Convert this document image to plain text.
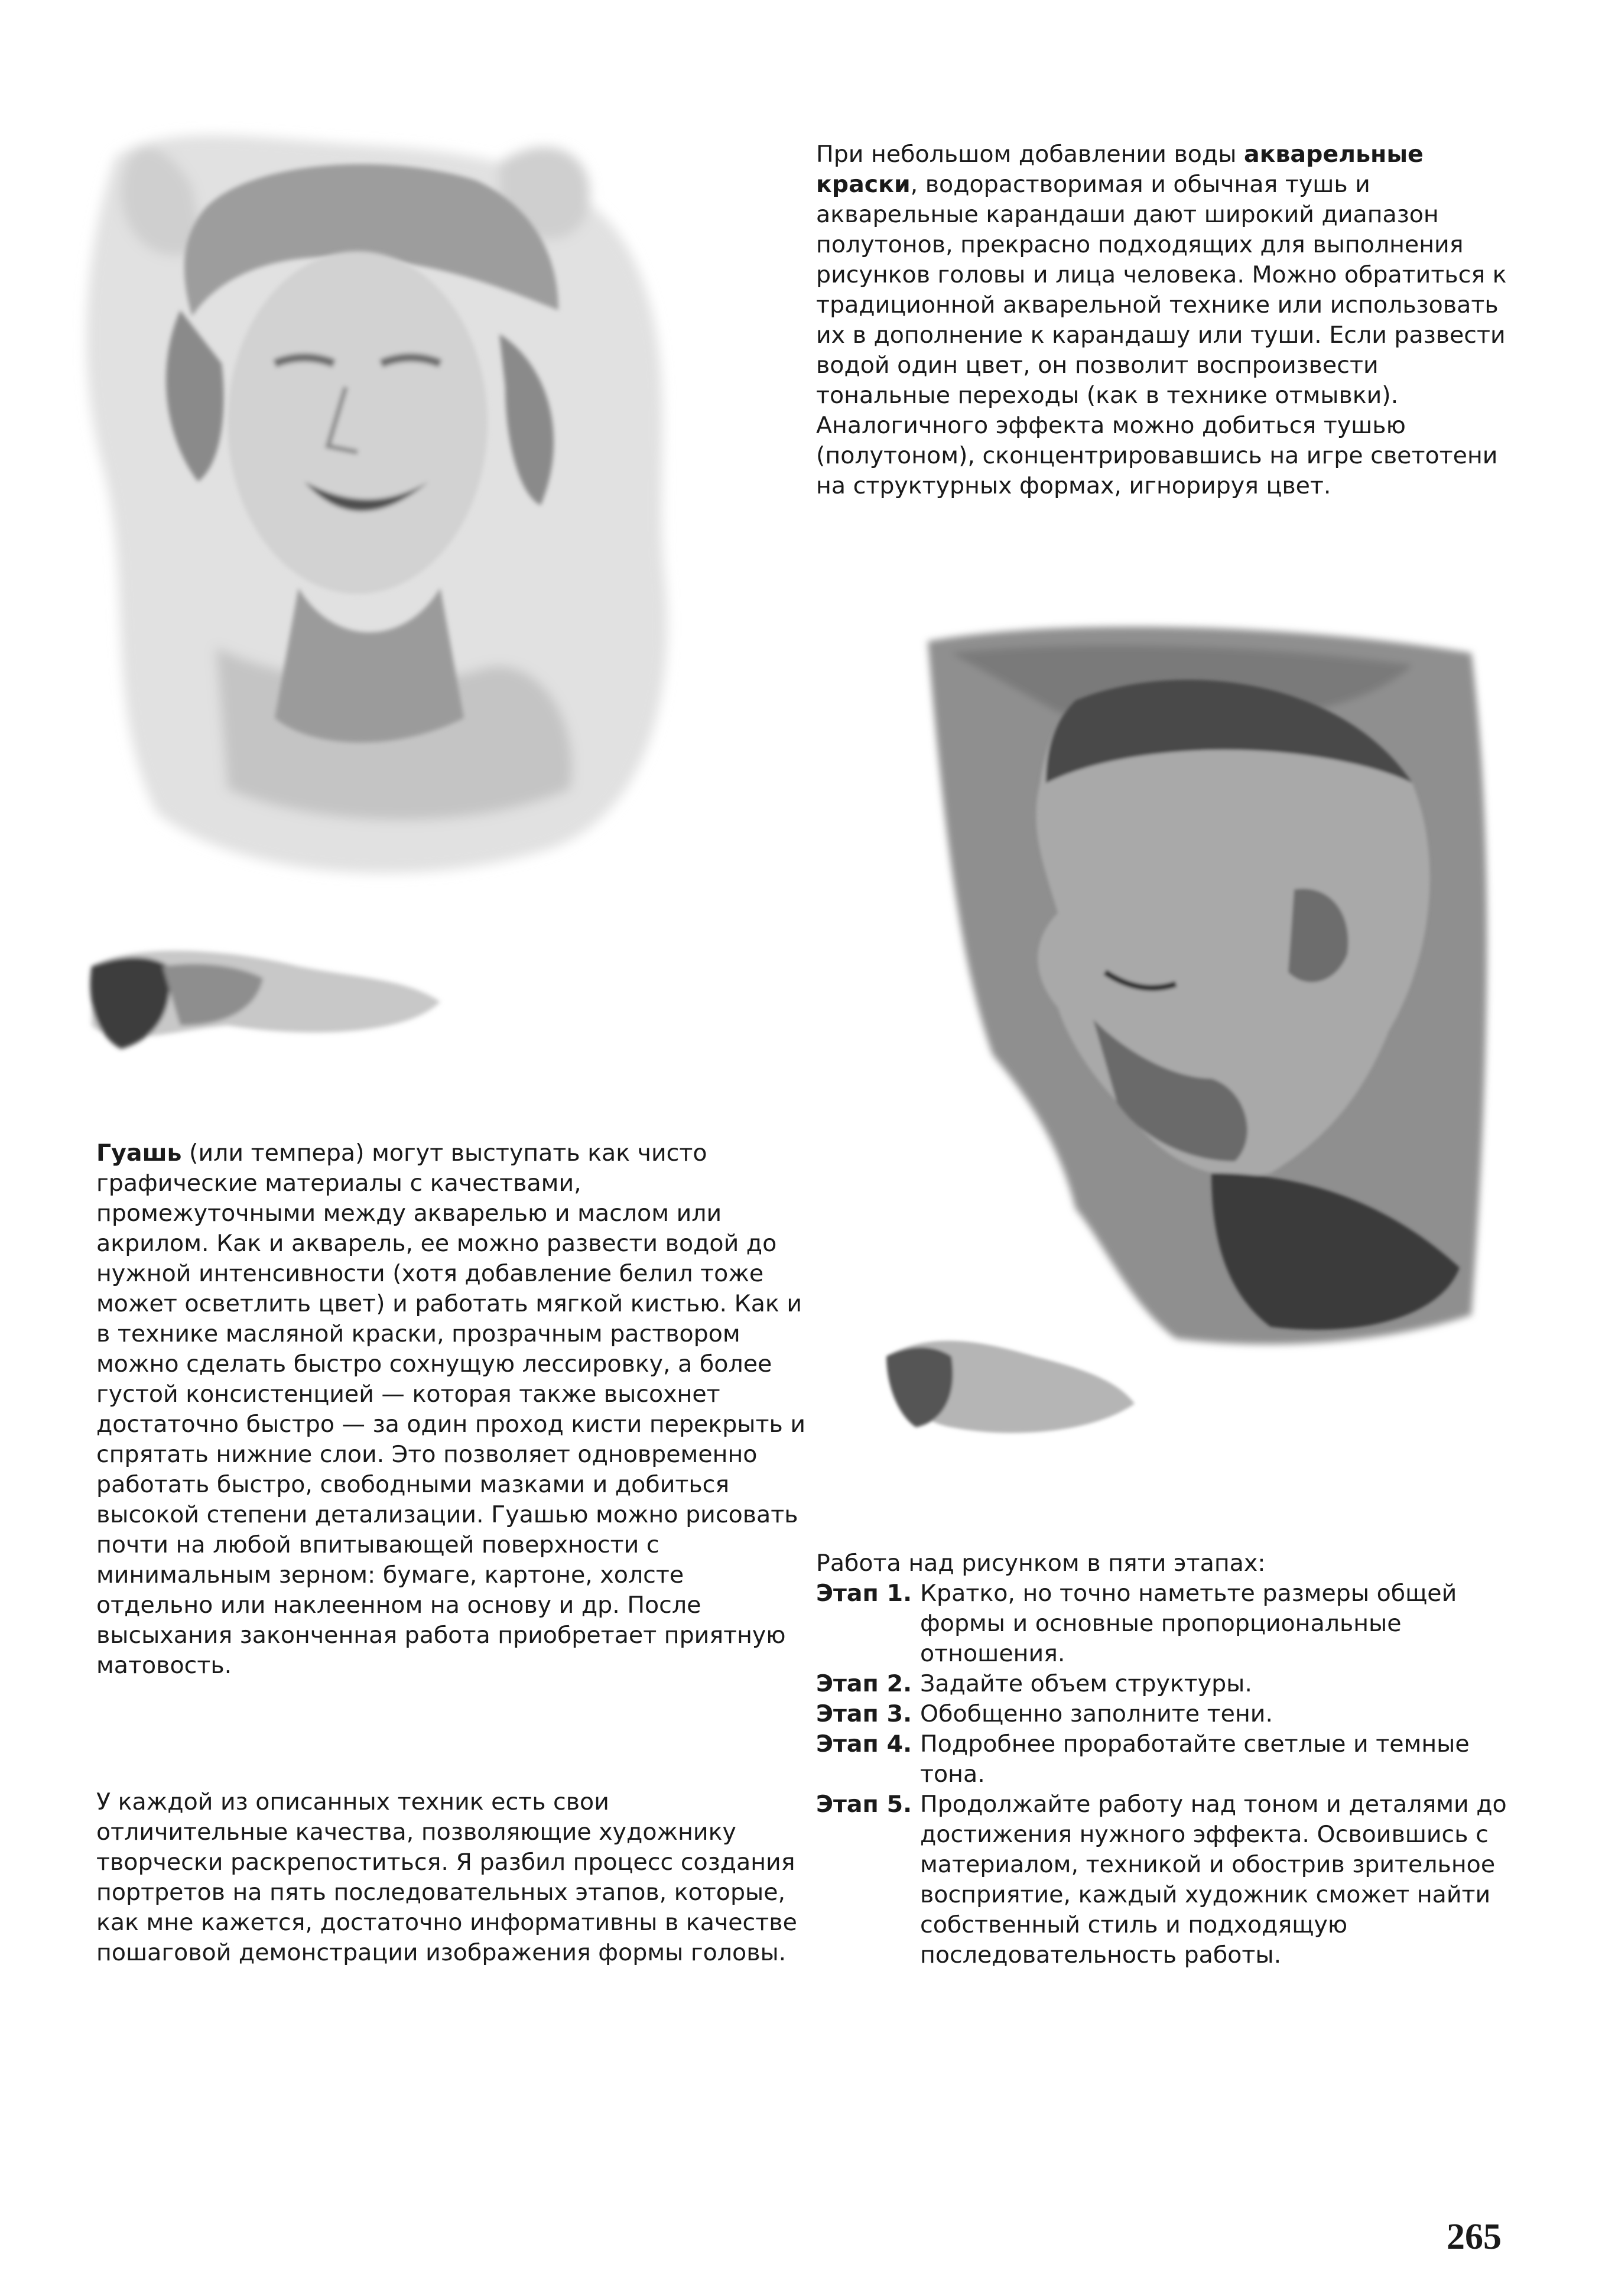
При небольшом добавлении воды акварельные краски, водорастворимая и обычная тушь и акварельные карандаши дают широкий диапазон полутонов, прекрасно подходящих для выполнения рисунков головы и лица человека. Можно обратиться к традиционной акварельной технике или использовать их в дополнение к карандашу или туши. Если развести водой один цвет, он позволит воспроизвести тональные переходы (как в технике отмывки). Аналогичного эффекта можно добиться тушью (полутоном), сконцентрировавшись на игре светотени на структурных формах, игнорируя цвет.

Гуашь (или темпера) могут выступать как чисто графические материалы с качествами, промежуточными между акварелью и маслом или акрилом. Как и акварель, ее можно развести водой до нужной интенсивности (хотя добавление белил тоже может осветлить цвет) и работать мягкой кистью. Как и в технике масляной краски, прозрачным раствором можно сделать быстро сохнущую лессировку, а более густой консистенцией — которая также высохнет достаточно быстро — за один проход кисти перекрыть и спрятать нижние слои. Это позволяет одновременно работать быстро, свободными мазками и добиться высокой степени детализации. Гуашью можно рисовать почти на любой впитывающей поверхности с минимальным зерном: бумаге, картоне, холсте отдельно или наклеенном на основу и др. После высыхания законченная работа приобретает приятную матовость.

У каждой из описанных техник есть свои отличительные качества, позволяющие художнику творчески раскрепоститься. Я разбил процесс создания портретов на пять последовательных этапов, которые, как мне кажется, достаточно информативны в качестве пошаговой демонстрации изображения формы головы.

Работа над рисунком в пяти этапах:
Этап 1. Кратко, но точно наметьте размеры общей формы и основные пропорциональные отношения.
Этап 2. Задайте объем структуры.
Этап 3. Обобщенно заполните тени.
Этап 4. Подробнее проработайте светлые и темные тона.
Этап 5. Продолжайте работу над тоном и деталями до достижения нужного эффекта. Освоившись с материалом, техникой и обострив зрительное восприятие, каждый художник сможет найти собственный стиль и подходящую последовательность работы.
265
